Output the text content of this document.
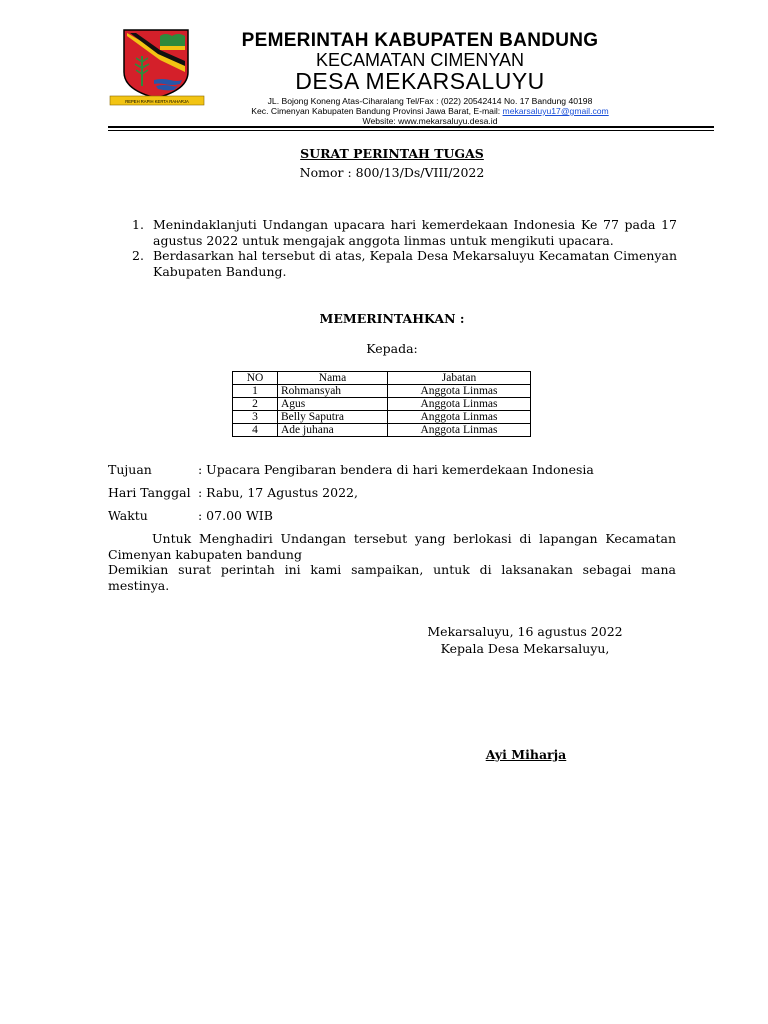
REPEH RAPIH KERTA RAHARJA
PEMERINTAH KABUPATEN BANDUNG
KECAMATAN CIMENYAN
DESA MEKARSALUYU
JL. Bojong Koneng Atas-Ciharalang Tel/Fax : (022) 20542414 No. 17 Bandung 40198
Kec. Cimenyan Kabupaten Bandung Provinsi Jawa Barat, E-mail: mekarsaluyu17@gmail.com
Website: www.mekarsaluyu.desa.id
SURAT PERINTAH TUGAS
Nomor : 800/13/Ds/VIII/2022
1. Menindaklanjuti Undangan upacara hari kemerdekaan Indonesia Ke 77 pada 17 agustus 2022 untuk mengajak anggota linmas untuk mengikuti upacara.
2. Berdasarkan hal tersebut di atas, Kepala Desa Mekarsaluyu Kecamatan Cimenyan Kabupaten Bandung.
MEMERINTAHKAN :
Kepada:
NO	Nama	Jabatan
1	Rohmansyah	Anggota Linmas
2	Agus	Anggota Linmas
3	Belly Saputra	Anggota Linmas
4	Ade juhana	Anggota Linmas
Tujuan	: Upacara Pengibaran bendera di hari kemerdekaan Indonesia
Hari Tanggal : Rabu, 17 Agustus 2022,
Waktu	: 07.00 WIB
Untuk Menghadiri Undangan tersebut yang berlokasi di lapangan Kecamatan Cimenyan kabupaten bandung
Demikian surat perintah ini kami sampaikan, untuk di laksanakan sebagai mana mestinya.
Mekarsaluyu, 16 agustus 2022
Kepala Desa Mekarsaluyu,
Ayi Miharja
